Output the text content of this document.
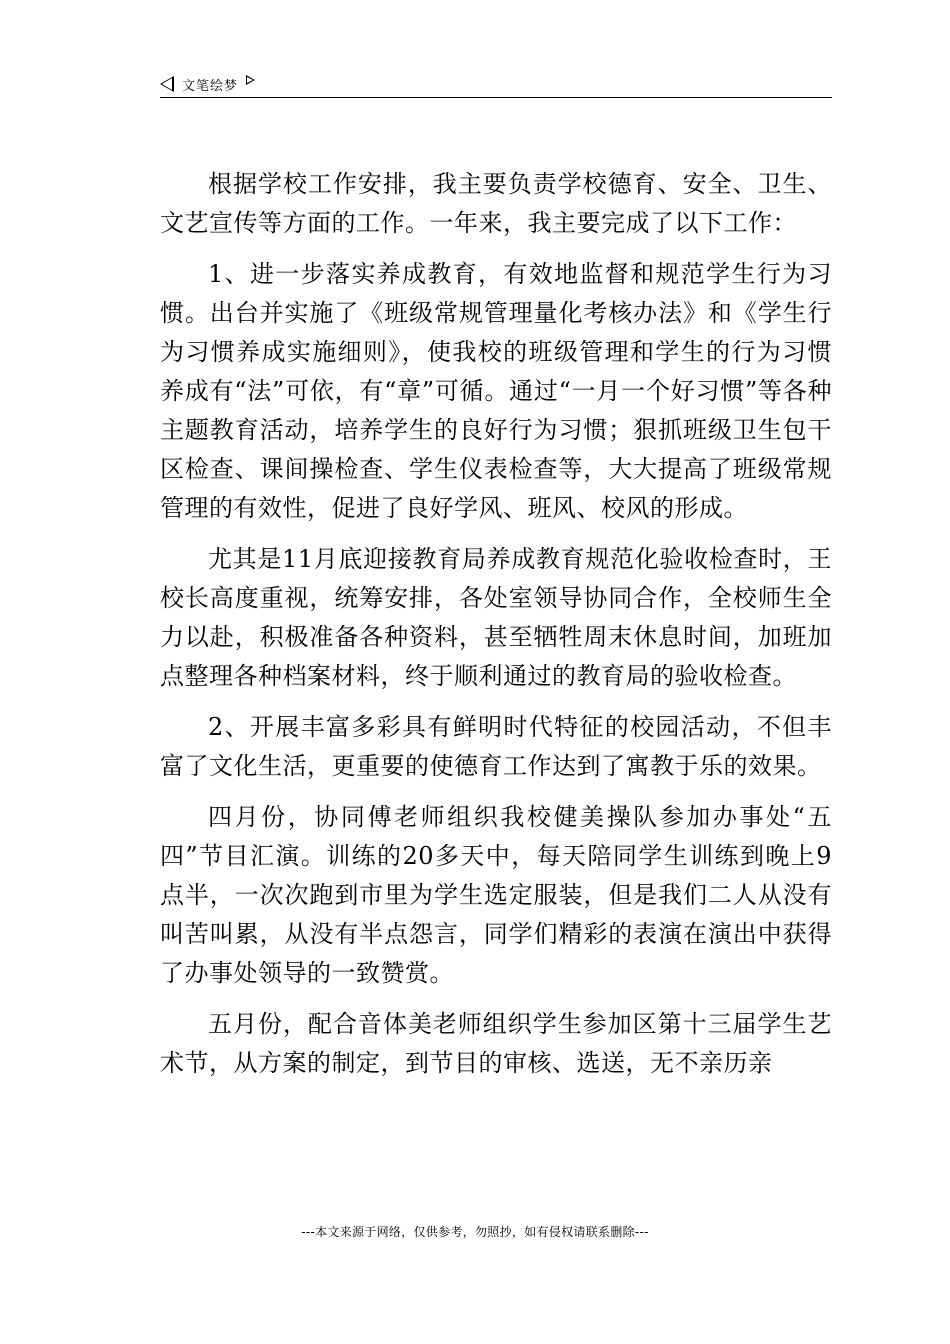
文笔绘梦

根据学校工作安排，我主要负责学校德育、安全、卫生、文艺宣传等方面的工作。一年来，我主要完成了以下工作：

1、进一步落实养成教育，有效地监督和规范学生行为习惯。出台并实施了《班级常规管理量化考核办法》和《学生行为习惯养成实施细则》，使我校的班级管理和学生的行为习惯养成有“法”可依，有“章”可循。通过“一月一个好习惯”等各种主题教育活动，培养学生的良好行为习惯；狠抓班级卫生包干区检查、课间操检查、学生仪表检查等，大大提高了班级常规管理的有效性，促进了良好学风、班风、校风的形成。

尤其是11月底迎接教育局养成教育规范化验收检查时，王校长高度重视，统筹安排，各处室领导协同合作，全校师生全力以赴，积极准备各种资料，甚至牺牲周末休息时间，加班加点整理各种档案材料，终于顺利通过的教育局的验收检查。

2、开展丰富多彩具有鲜明时代特征的校园活动，不但丰富了文化生活，更重要的使德育工作达到了寓教于乐的效果。

四月份，协同傅老师组织我校健美操队参加办事处“五四”节目汇演。训练的20多天中，每天陪同学生训练到晚上9点半，一次次跑到市里为学生选定服装，但是我们二人从没有叫苦叫累，从没有半点怨言，同学们精彩的表演在演出中获得了办事处领导的一致赞赏。

五月份，配合音体美老师组织学生参加区第十三届学生艺术节，从方案的制定，到节目的审核、选送，无不亲历亲

---本文来源于网络，仅供参考，勿照抄，如有侵权请联系删除---
